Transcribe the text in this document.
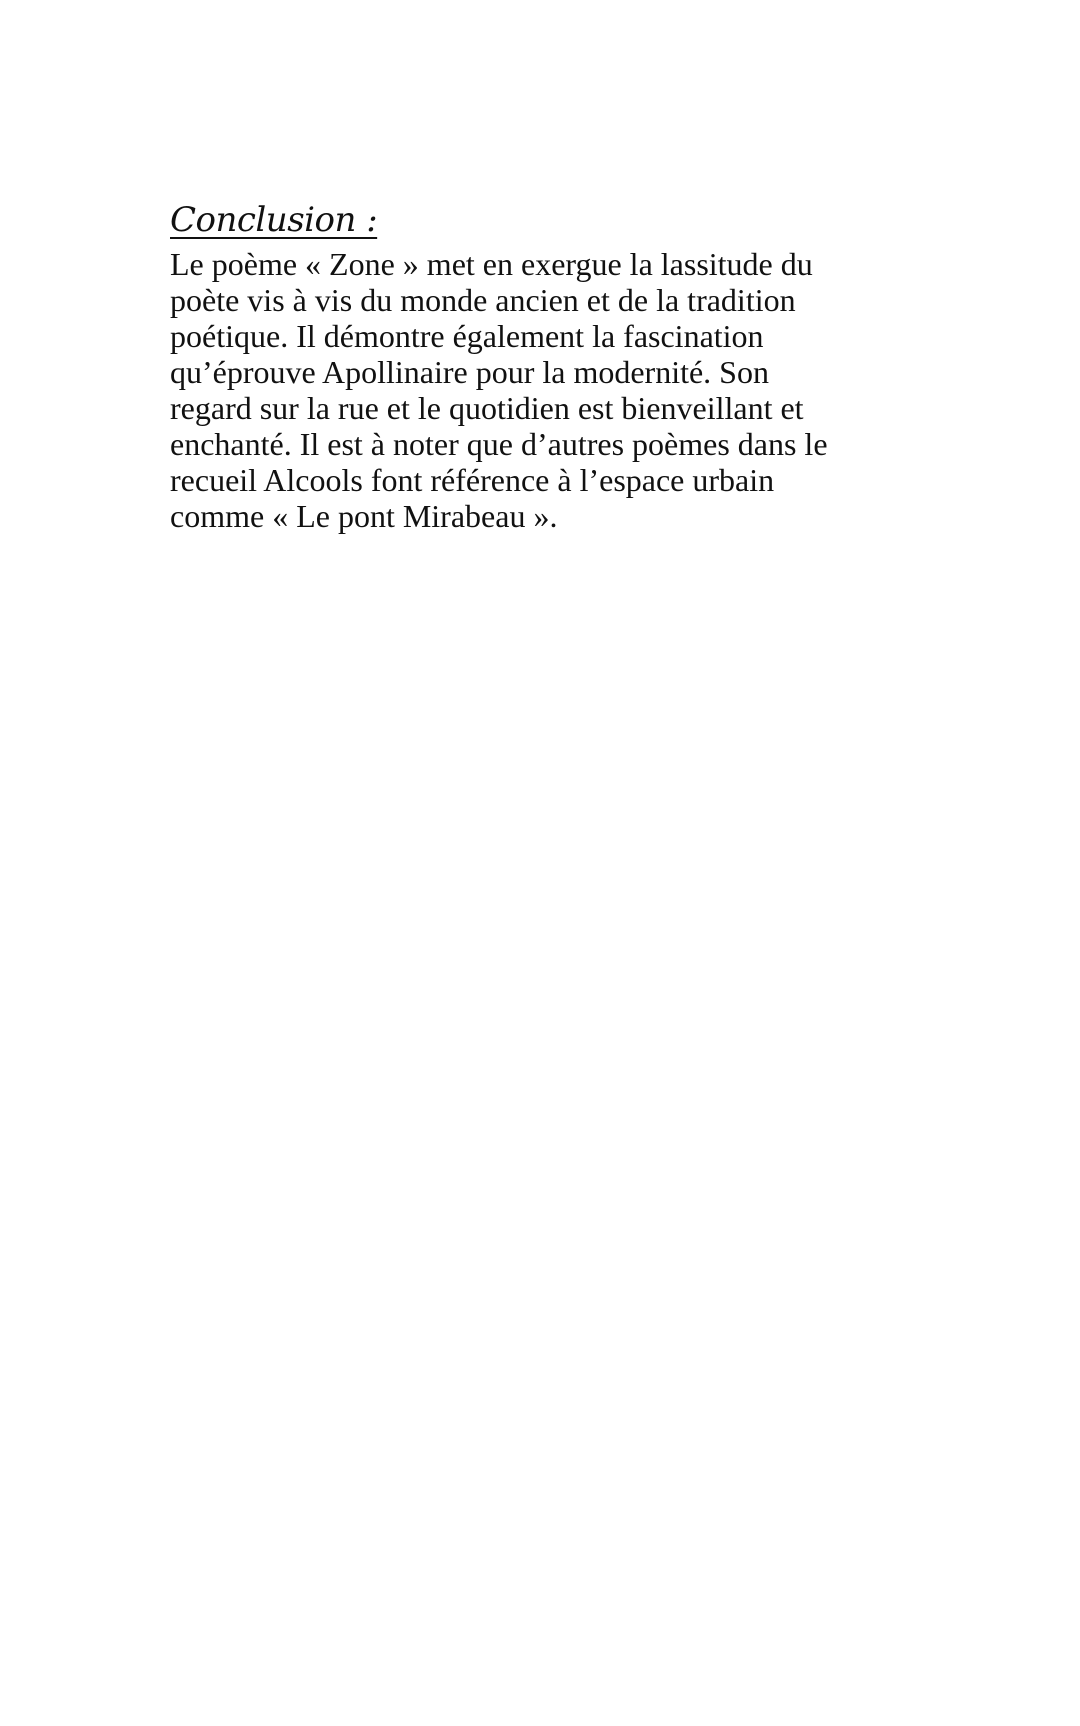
Conclusion :
Le poème « Zone » met en exergue la lassitude du
poète vis à vis du monde ancien et de la tradition
poétique. Il démontre également la fascination
qu’éprouve Apollinaire pour la modernité. Son
regard sur la rue et le quotidien est bienveillant et
enchanté. Il est à noter que d’autres poèmes dans le
recueil Alcools font référence à l’espace urbain
comme « Le pont Mirabeau ».
